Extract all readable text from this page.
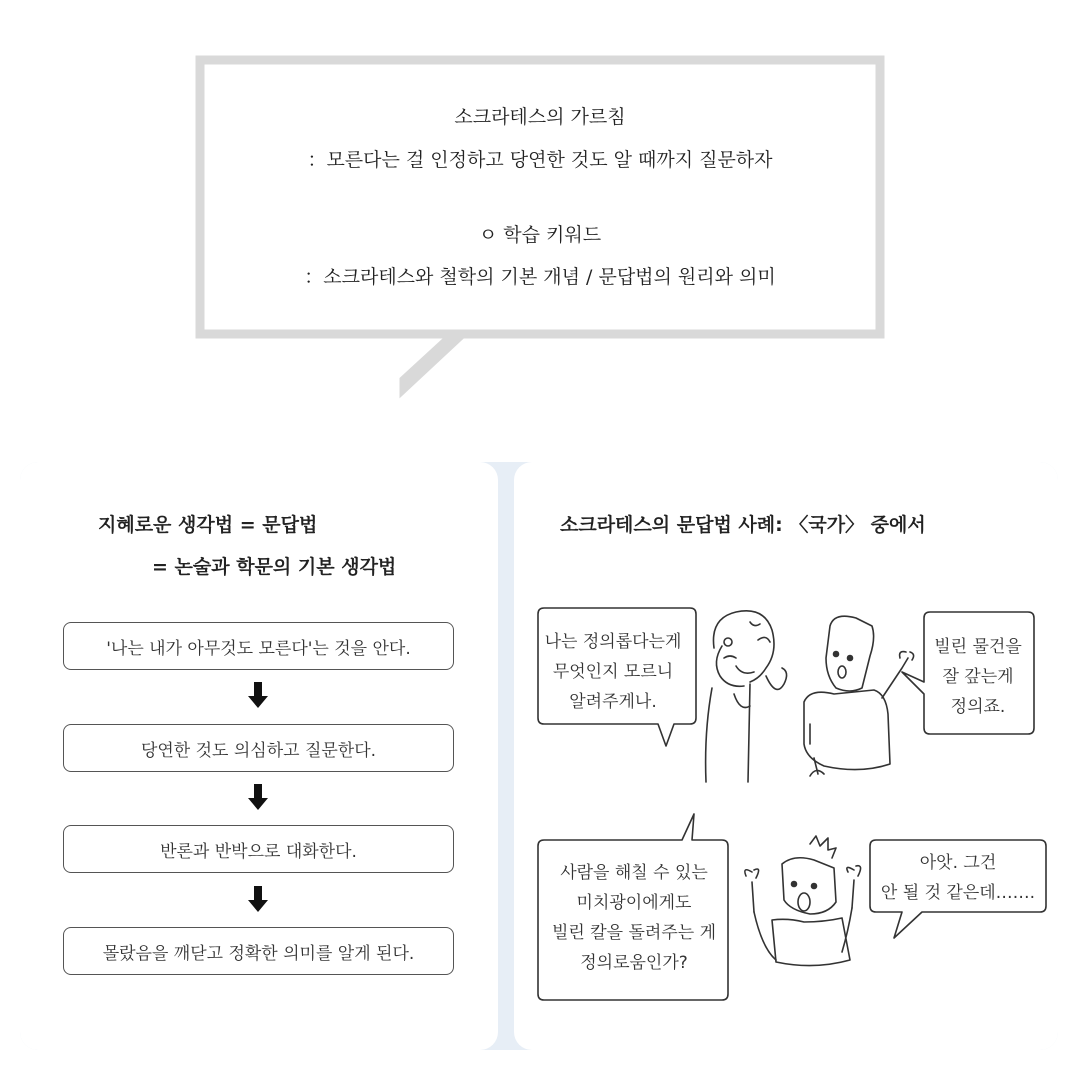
소크라테스의 가르침
：모른다는 걸 인정하고 당연한 것도 알 때까지 질문하자
ㅇ 학습 키워드
：소크라테스와 철학의 기본 개념 / 문답법의 원리와 의미
지혜로운 생각법 = 문답법
= 논술과 학문의 기본 생각법
'나는 내가 아무것도 모른다'는 것을 안다.
당연한 것도 의심하고 질문한다.
반론과 반박으로 대화한다.
몰랐음을 깨닫고 정확한 의미를 알게 된다.
소크라테스의 문답법 사례: 〈국가〉 중에서
나는 정의롭다는게
무엇인지 모르니
알려주게나.
빌린 물건을
잘 갚는게
정의죠.
사람을 해칠 수 있는
미치광이에게도
빌린 칼을 돌려주는 게
정의로움인가?
아앗. 그건
안 될 것 같은데…….
